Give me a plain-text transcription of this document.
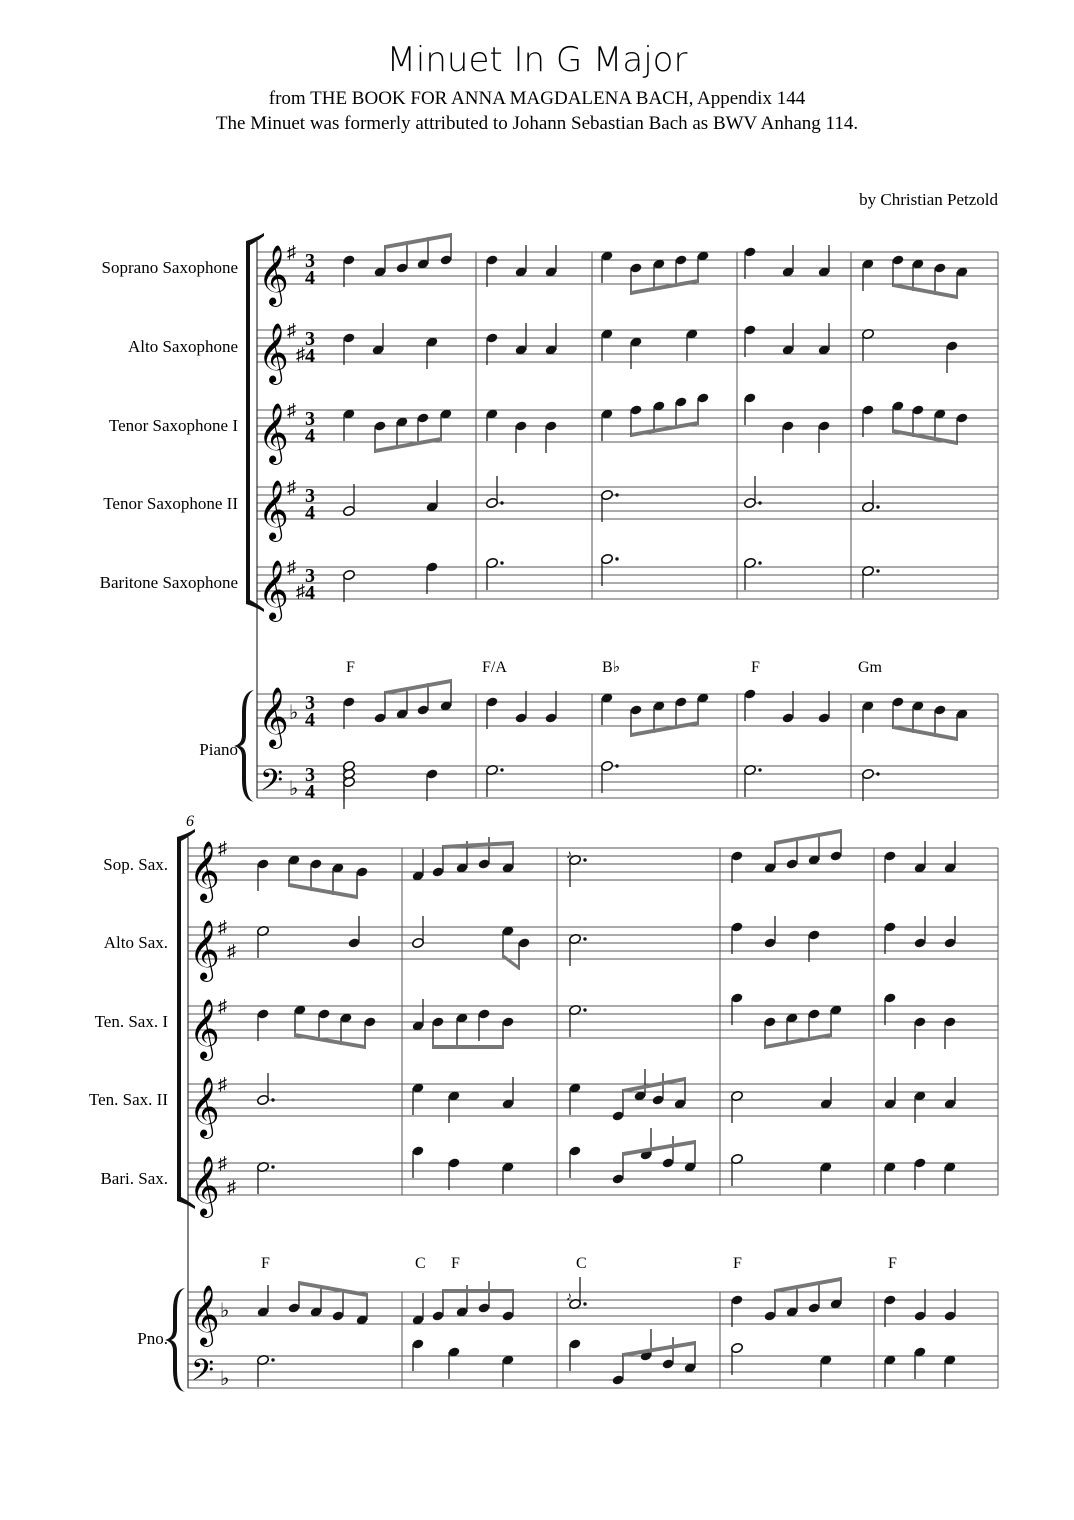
Minuet In G Major
from THE BOOK FOR ANNA MAGDALENA BACH, Appendix 144
The Minuet was formerly attributed to Johann Sebastian Bach as BWV Anhang 114.
by Christian Petzold
Soprano Saxophone
Alto Saxophone
Tenor Saxophone I
Tenor Saxophone II
Baritone Saxophone
Piano
𝄞
𝄞
𝄞
𝄞
𝄞
𝄞
𝄢
♯
♯
♯
♯
♯
♯
♯
♭
♭
3
4
3
4
3
4
3
4
3
4
3
4
3
4
F	F/A	B♭	F	Gm
6
Sop. Sax.
Alto Sax.
Ten. Sax. I
Ten. Sax. II
Bari. Sax.
Pno.
𝄞
𝄞
𝄞
𝄞
𝄞
𝄞
𝄢
♯
♯
♯
♯
♯
♯
♯
♭
♭
F	C F	C	F	F
♪
♪
